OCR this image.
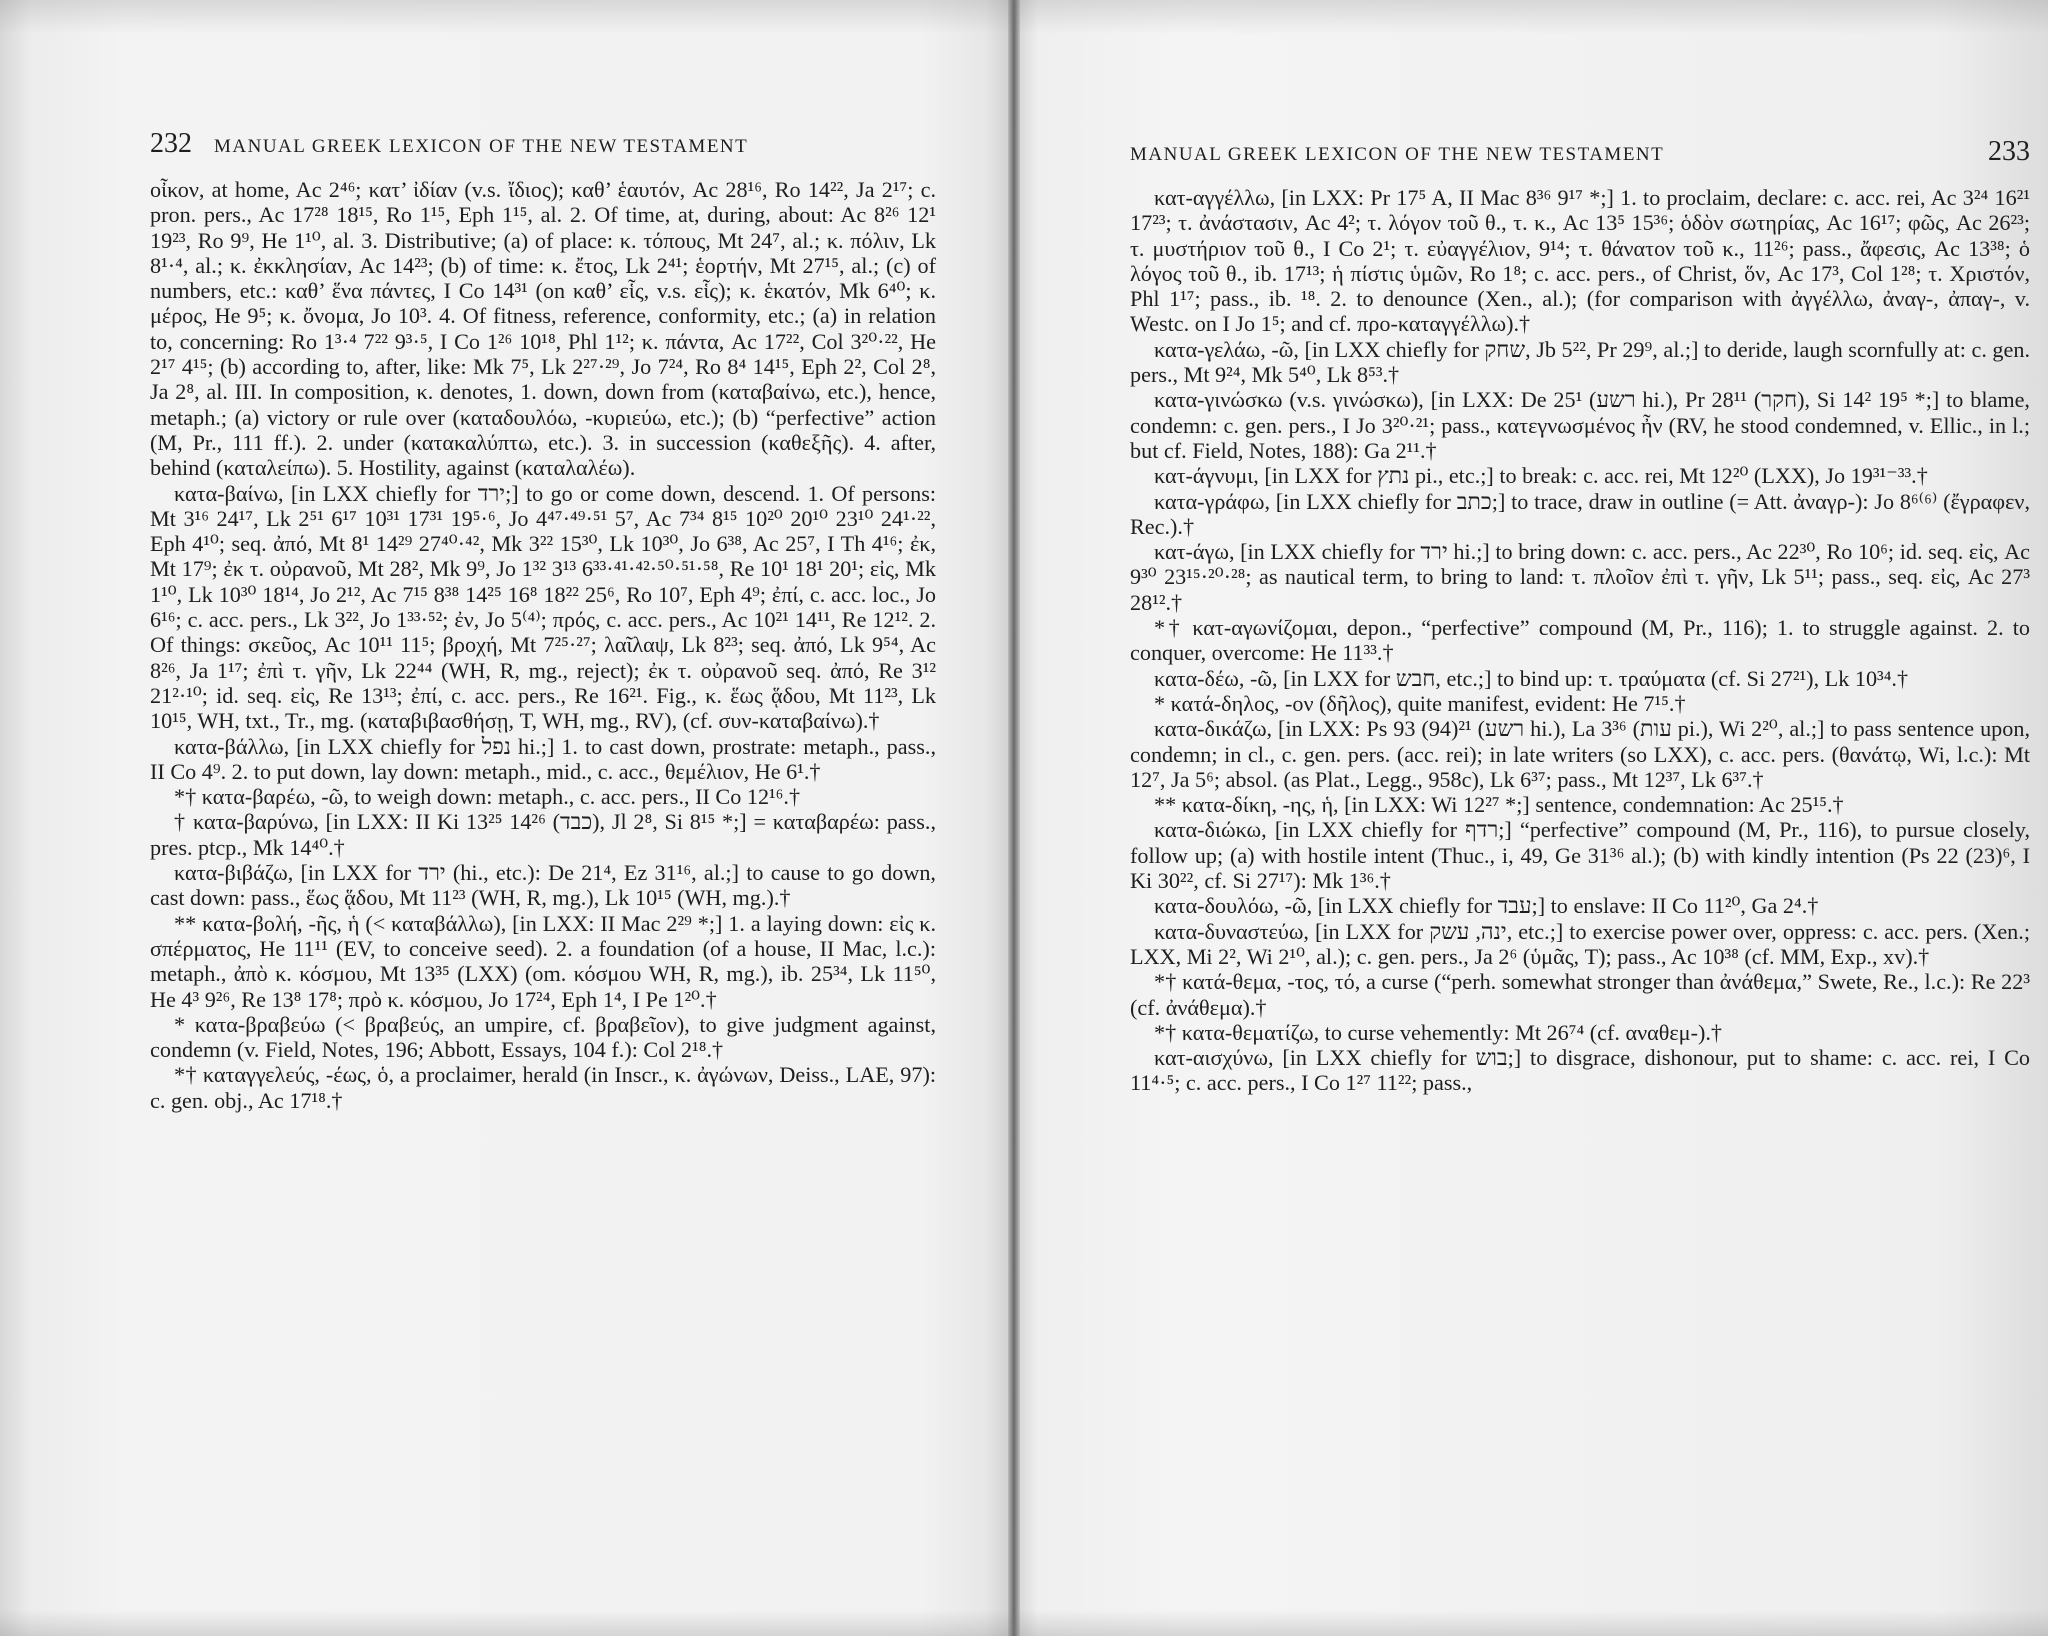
232 MANUAL GREEK LEXICON OF THE NEW TESTAMENT

οἶκον, at home, Ac 2⁴⁶; κατ’ ἰδίαν (v.s. ἴδιος); καθ’ ἑαυτόν, Ac 28¹⁶, Ro 14²², Ja 2¹⁷; c. pron. pers., Ac 17²⁸ 18¹⁵, Ro 1¹⁵, Eph 1¹⁵, al. 2. Of time, at, during, about: Ac 8²⁶ 12¹ 19²³, Ro 9⁹, He 1¹⁰, al. 3. Distributive; (a) of place: κ. τόπους, Mt 24⁷, al.; κ. πόλιν, Lk 8¹·⁴, al.; κ. ἐκκλησίαν, Ac 14²³; (b) of time: κ. ἔτος, Lk 2⁴¹; ἑορτήν, Mt 27¹⁵, al.; (c) of numbers, etc.: καθ’ ἕνα πάντες, I Co 14³¹ (on καθ’ εἷς, v.s. εἷς); κ. ἑκατόν, Mk 6⁴⁰; κ. μέρος, He 9⁵; κ. ὄνομα, Jo 10³. 4. Of fitness, reference, conformity, etc.; (a) in relation to, concerning: Ro 1³·⁴ 7²² 9³·⁵, I Co 1²⁶ 10¹⁸, Phl 1¹²; κ. πάντα, Ac 17²², Col 3²⁰·²², He 2¹⁷ 4¹⁵; (b) according to, after, like: Mk 7⁵, Lk 2²⁷·²⁹, Jo 7²⁴, Ro 8⁴ 14¹⁵, Eph 2², Col 2⁸, Ja 2⁸, al. III. In composition, κ. denotes, 1. down, down from (καταβαίνω, etc.), hence, metaph.; (a) victory or rule over (καταδουλόω, -κυριεύω, etc.); (b) “perfective” action (M, Pr., 111 ff.). 2. under (κατακαλύπτω, etc.). 3. in succession (καθεξῆς). 4. after, behind (καταλείπω). 5. Hostility, against (καταλαλέω).

κατα-βαίνω, [in LXX chiefly for ירד;] to go or come down, descend. 1. Of persons: Mt 3¹⁶ 24¹⁷, Lk 2⁵¹ 6¹⁷ 10³¹ 17³¹ 19⁵·⁶, Jo 4⁴⁷·⁴⁹·⁵¹ 5⁷, Ac 7³⁴ 8¹⁵ 10²⁰ 20¹⁰ 23¹⁰ 24¹·²², Eph 4¹⁰; seq. ἀπό, Mt 8¹ 14²⁹ 27⁴⁰·⁴², Mk 3²² 15³⁰, Lk 10³⁰, Jo 6³⁸, Ac 25⁷, I Th 4¹⁶; ἐκ, Mt 17⁹; ἐκ τ. οὐρανοῦ, Mt 28², Mk 9⁹, Jo 1³² 3¹³ 6³³·⁴¹·⁴²·⁵⁰·⁵¹·⁵⁸, Re 10¹ 18¹ 20¹; εἰς, Mk 1¹⁰, Lk 10³⁰ 18¹⁴, Jo 2¹², Ac 7¹⁵ 8³⁸ 14²⁵ 16⁸ 18²² 25⁶, Ro 10⁷, Eph 4⁹; ἐπί, c. acc. loc., Jo 6¹⁶; c. acc. pers., Lk 3²², Jo 1³³·⁵²; ἐν, Jo 5⁽⁴⁾; πρός, c. acc. pers., Ac 10²¹ 14¹¹, Re 12¹². 2. Of things: σκεῦος, Ac 10¹¹ 11⁵; βροχή, Mt 7²⁵·²⁷; λαῖλαψ, Lk 8²³; seq. ἀπό, Lk 9⁵⁴, Ac 8²⁶, Ja 1¹⁷; ἐπὶ τ. γῆν, Lk 22⁴⁴ (WH, R, mg., reject); ἐκ τ. οὐρανοῦ seq. ἀπό, Re 3¹² 21²·¹⁰; id. seq. εἰς, Re 13¹³; ἐπί, c. acc. pers., Re 16²¹. Fig., κ. ἕως ᾅδου, Mt 11²³, Lk 10¹⁵, WH, txt., Tr., mg. (καταβιβασθήσῃ, T, WH, mg., RV), (cf. συν-καταβαίνω).†

κατα-βάλλω, [in LXX chiefly for נפל hi.;] 1. to cast down, prostrate: metaph., pass., II Co 4⁹. 2. to put down, lay down: metaph., mid., c. acc., θεμέλιον, He 6¹.†

*† κατα-βαρέω, -ῶ, to weigh down: metaph., c. acc. pers., II Co 12¹⁶.†

† κατα-βαρύνω, [in LXX: II Ki 13²⁵ 14²⁶ (כבד), Jl 2⁸, Si 8¹⁵ *;] = καταβαρέω: pass., pres. ptcp., Mk 14⁴⁰.†

κατα-βιβάζω, [in LXX for ירד (hi., etc.): De 21⁴, Ez 31¹⁶, al.;] to cause to go down, cast down: pass., ἕως ᾅδου, Mt 11²³ (WH, R, mg.), Lk 10¹⁵ (WH, mg.).†

** κατα-βολή, -ῆς, ἡ (< καταβάλλω), [in LXX: II Mac 2²⁹ *;] 1. a laying down: εἰς κ. σπέρματος, He 11¹¹ (EV, to conceive seed). 2. a foundation (of a house, II Mac, l.c.): metaph., ἀπὸ κ. κόσμου, Mt 13³⁵ (LXX) (om. κόσμου WH, R, mg.), ib. 25³⁴, Lk 11⁵⁰, He 4³ 9²⁶, Re 13⁸ 17⁸; πρὸ κ. κόσμου, Jo 17²⁴, Eph 1⁴, I Pe 1²⁰.†

* κατα-βραβεύω (< βραβεύς, an umpire, cf. βραβεῖον), to give judgment against, condemn (v. Field, Notes, 196; Abbott, Essays, 104 f.): Col 2¹⁸.†

*† καταγγελεύς, -έως, ὁ, a proclaimer, herald (in Inscr., κ. ἀγώνων, Deiss., LAE, 97): c. gen. obj., Ac 17¹⁸.†

MANUAL GREEK LEXICON OF THE NEW TESTAMENT	233

κατ-αγγέλλω, [in LXX: Pr 17⁵ A, II Mac 8³⁶ 9¹⁷ *;] 1. to proclaim, declare: c. acc. rei, Ac 3²⁴ 16²¹ 17²³; τ. ἀνάστασιν, Ac 4²; τ. λόγον τοῦ θ., τ. κ., Ac 13⁵ 15³⁶; ὁδὸν σωτηρίας, Ac 16¹⁷; φῶς, Ac 26²³; τ. μυστήριον τοῦ θ., I Co 2¹; τ. εὐαγγέλιον, 9¹⁴; τ. θάνατον τοῦ κ., 11²⁶; pass., ἄφεσις, Ac 13³⁸; ὁ λόγος τοῦ θ., ib. 17¹³; ἡ πίστις ὑμῶν, Ro 1⁸; c. acc. pers., of Christ, ὅν, Ac 17³, Col 1²⁸; τ. Χριστόν, Phl 1¹⁷; pass., ib. ¹⁸. 2. to denounce (Xen., al.); (for comparison with ἀγγέλλω, ἀναγ-, ἀπαγ-, v. Westc. on I Jo 1⁵; and cf. προ-καταγγέλλω).†

κατα-γελάω, -ῶ, [in LXX chiefly for שחק, Jb 5²², Pr 29⁹, al.;] to deride, laugh scornfully at: c. gen. pers., Mt 9²⁴, Mk 5⁴⁰, Lk 8⁵³.†

κατα-γινώσκω (v.s. γινώσκω), [in LXX: De 25¹ (רשע hi.), Pr 28¹¹ (חקר), Si 14² 19⁵ *;] to blame, condemn: c. gen. pers., I Jo 3²⁰·²¹; pass., κατεγνωσμένος ἦν (RV, he stood condemned, v. Ellic., in l.; but cf. Field, Notes, 188): Ga 2¹¹.†

κατ-άγνυμι, [in LXX for נתץ pi., etc.;] to break: c. acc. rei, Mt 12²⁰ (LXX), Jo 19³¹⁻³³.†

κατα-γράφω, [in LXX chiefly for כתב;] to trace, draw in outline (= Att. ἀναγρ-): Jo 8⁶⁽⁶⁾ (ἔγραφεν, Rec.).†

κατ-άγω, [in LXX chiefly for ירד hi.;] to bring down: c. acc. pers., Ac 22³⁰, Ro 10⁶; id. seq. εἰς, Ac 9³⁰ 23¹⁵·²⁰·²⁸; as nautical term, to bring to land: τ. πλοῖον ἐπὶ τ. γῆν, Lk 5¹¹; pass., seq. εἰς, Ac 27³ 28¹².†

*† κατ-αγωνίζομαι, depon., “perfective” compound (M, Pr., 116); 1. to struggle against. 2. to conquer, overcome: He 11³³.†

κατα-δέω, -ῶ, [in LXX for חבש, etc.;] to bind up: τ. τραύματα (cf. Si 27²¹), Lk 10³⁴.†

* κατά-δηλος, -ον (δῆλος), quite manifest, evident: He 7¹⁵.†

κατα-δικάζω, [in LXX: Ps 93 (94)²¹ (רשע hi.), La 3³⁶ (עות pi.), Wi 2²⁰, al.;] to pass sentence upon, condemn; in cl., c. gen. pers. (acc. rei); in late writers (so LXX), c. acc. pers. (θανάτῳ, Wi, l.c.): Mt 12⁷, Ja 5⁶; absol. (as Plat., Legg., 958c), Lk 6³⁷; pass., Mt 12³⁷, Lk 6³⁷.†

** κατα-δίκη, -ης, ἡ, [in LXX: Wi 12²⁷ *;] sentence, condemnation: Ac 25¹⁵.†

κατα-διώκω, [in LXX chiefly for רדף;] “perfective” compound (M, Pr., 116), to pursue closely, follow up; (a) with hostile intent (Thuc., i, 49, Ge 31³⁶ al.); (b) with kindly intention (Ps 22 (23)⁶, I Ki 30²², cf. Si 27¹⁷): Mk 1³⁶.†

κατα-δουλόω, -ῶ, [in LXX chiefly for עבד;] to enslave: II Co 11²⁰, Ga 2⁴.†

κατα-δυναστεύω, [in LXX for ינה, עשק, etc.;] to exercise power over, oppress: c. acc. pers. (Xen.; LXX, Mi 2², Wi 2¹⁰, al.); c. gen. pers., Ja 2⁶ (ὑμᾶς, T); pass., Ac 10³⁸ (cf. MM, Exp., xv).†

*† κατά-θεμα, -τος, τό, a curse (“perh. somewhat stronger than ἀνάθεμα,” Swete, Re., l.c.): Re 22³ (cf. ἀνάθεμα).†

*† κατα-θεματίζω, to curse vehemently: Mt 26⁷⁴ (cf. αναθεμ-).†

κατ-αισχύνω, [in LXX chiefly for בוש;] to disgrace, dishonour, put to shame: c. acc. rei, I Co 11⁴·⁵; c. acc. pers., I Co 1²⁷ 11²²; pass.,
